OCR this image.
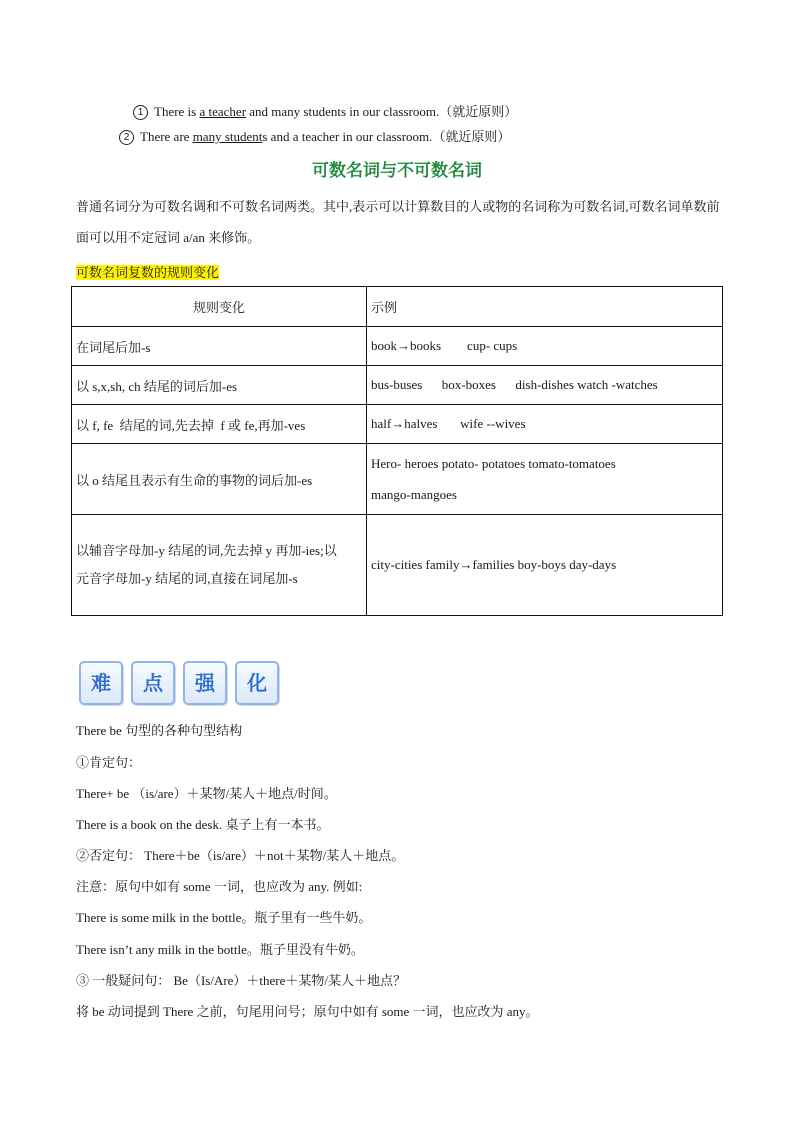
1 There is a teacher and many students in our classroom.（就近原则）
2 There are many students and a teacher in our classroom.（就近原则）
可数名词与不可数名词
普通名词分为可数名调和不可数名词两类。其中,表示可以计算数目的人或物的名词称为可数名词,可数名词单数前面可以用不定冠词 a/an 来修饰。
可数名词复数的规则变化
规则变化	示例
在词尾后加-s	book→books        cup- cups
以 s,x,sh, ch 结尾的词后加-es	bus-buses      box-boxes      dish-dishes watch -watches
以 f, fe  结尾的词,先去掉  f 或 fe,再加-ves	half→halves       wife --wives
以 o 结尾且表示有生命的事物的词后加-es	Hero- heroes potato- potatoes tomato-tomatoes
mango-mangoes

以辅音字母加-y 结尾的词,先去掉 y 再加-ies;以
元音字母加-y 结尾的词,直接在词尾加-s	city-cities family→families boy-boys day-days
难	点	强	化
There be 句型的各种句型结构
①肯定句：
There+ be （is/are）＋某物/某人＋地点/时间。
There is a book on the desk. 桌子上有一本书。
②否定句： There＋be（is/are）＋not＋某物/某人＋地点。
注意：原句中如有 some 一词，也应改为 any. 例如:
There is some milk in the bottle。瓶子里有一些牛奶。
There isn’t any milk in the bottle。瓶子里没有牛奶。
③ 一般疑问句： Be（Is/Are）＋there＋某物/某人＋地点？
将 be 动词提到 There 之前，句尾用问号；原句中如有 some 一词，也应改为 any。
